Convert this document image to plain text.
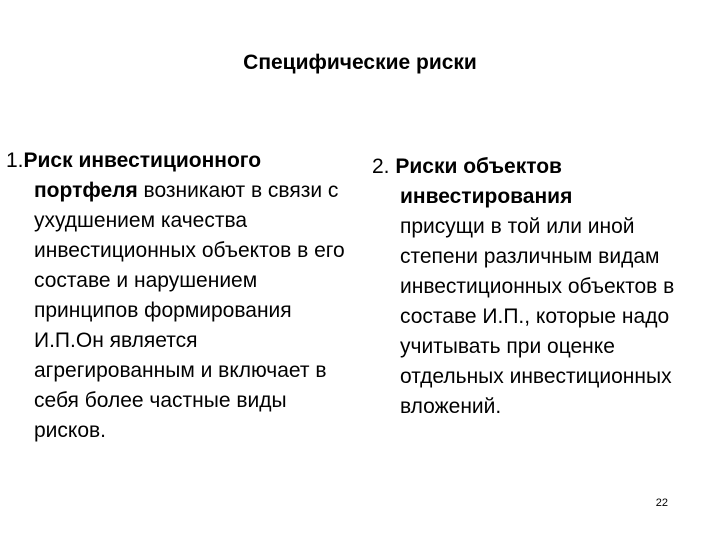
Специфические риски

1.Риск инвестиционного портфеля возникают в связи с ухудшением качества инвестиционных объектов в его составе и нарушением принципов формирования И.П.Он является агрегированным и включает в себя более частные виды рисков.

2. Риски объектов инвестирования
присущи в той или иной степени различным видам инвестиционных объектов в составе И.П., которые надо учитывать при оценке отдельных инвестиционных вложений.

22
